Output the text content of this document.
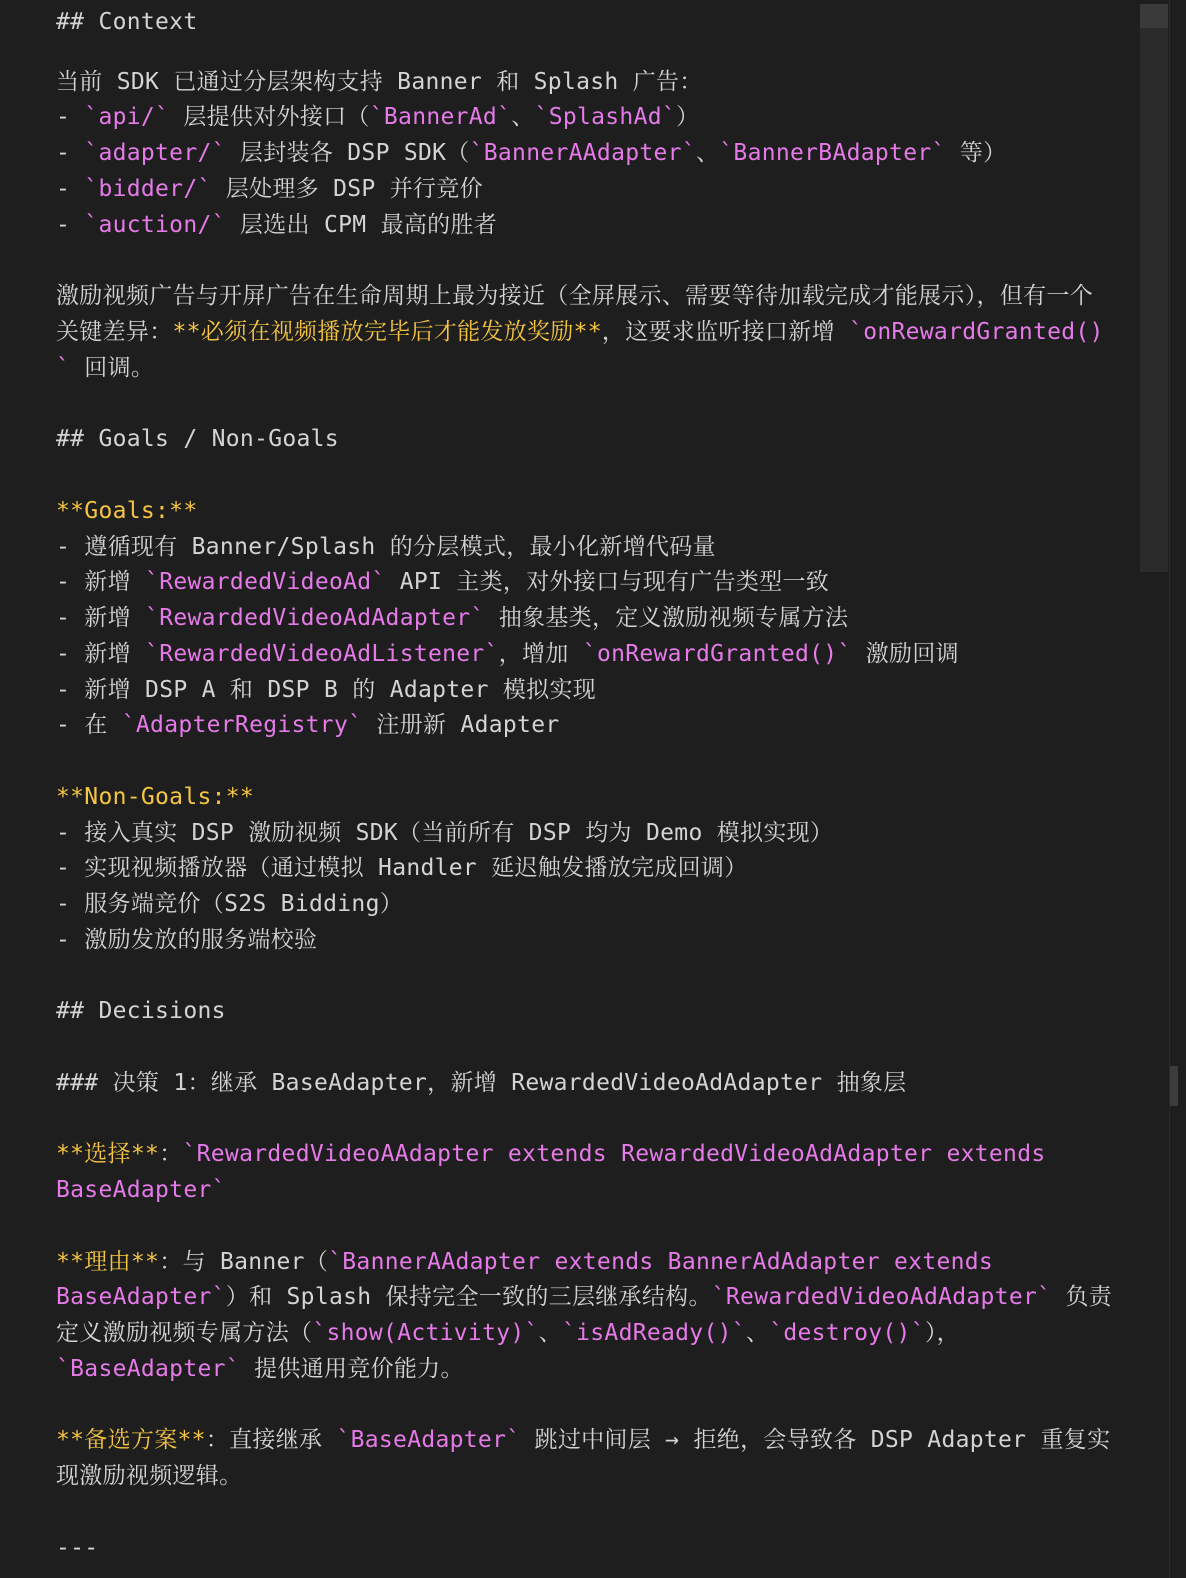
## Context
当前 SDK 已通过分层架构支持 Banner 和 Splash 广告：
- `api/` 层提供对外接口（`BannerAd`、`SplashAd`）
- `adapter/` 层封装各 DSP SDK（`BannerAAdapter`、`BannerBAdapter` 等）
- `bidder/` 层处理多 DSP 并行竞价
- `auction/` 层选出 CPM 最高的胜者
激励视频广告与开屏广告在生命周期上最为接近（全屏展示、需要等待加载完成才能展示），但有一个
关键差异：**必须在视频播放完毕后才能发放奖励**，这要求监听接口新增 `onRewardGranted()
` 回调。
## Goals / Non-Goals
**Goals:**
- 遵循现有 Banner/Splash 的分层模式，最小化新增代码量
- 新增 `RewardedVideoAd` API 主类，对外接口与现有广告类型一致
- 新增 `RewardedVideoAdAdapter` 抽象基类，定义激励视频专属方法
- 新增 `RewardedVideoAdListener`，增加 `onRewardGranted()` 激励回调
- 新增 DSP A 和 DSP B 的 Adapter 模拟实现
- 在 `AdapterRegistry` 注册新 Adapter
**Non-Goals:**
- 接入真实 DSP 激励视频 SDK（当前所有 DSP 均为 Demo 模拟实现）
- 实现视频播放器（通过模拟 Handler 延迟触发播放完成回调）
- 服务端竞价（S2S Bidding）
- 激励发放的服务端校验
## Decisions
### 决策 1：继承 BaseAdapter，新增 RewardedVideoAdAdapter 抽象层
**选择**：`RewardedVideoAAdapter extends RewardedVideoAdAdapter extends
BaseAdapter`
**理由**：与 Banner（`BannerAAdapter extends BannerAdAdapter extends
BaseAdapter`）和 Splash 保持完全一致的三层继承结构。`RewardedVideoAdAdapter` 负责
定义激励视频专属方法（`show(Activity)`、`isAdReady()`、`destroy()`），
`BaseAdapter` 提供通用竞价能力。
**备选方案**：直接继承 `BaseAdapter` 跳过中间层 → 拒绝，会导致各 DSP Adapter 重复实
现激励视频逻辑。
---
